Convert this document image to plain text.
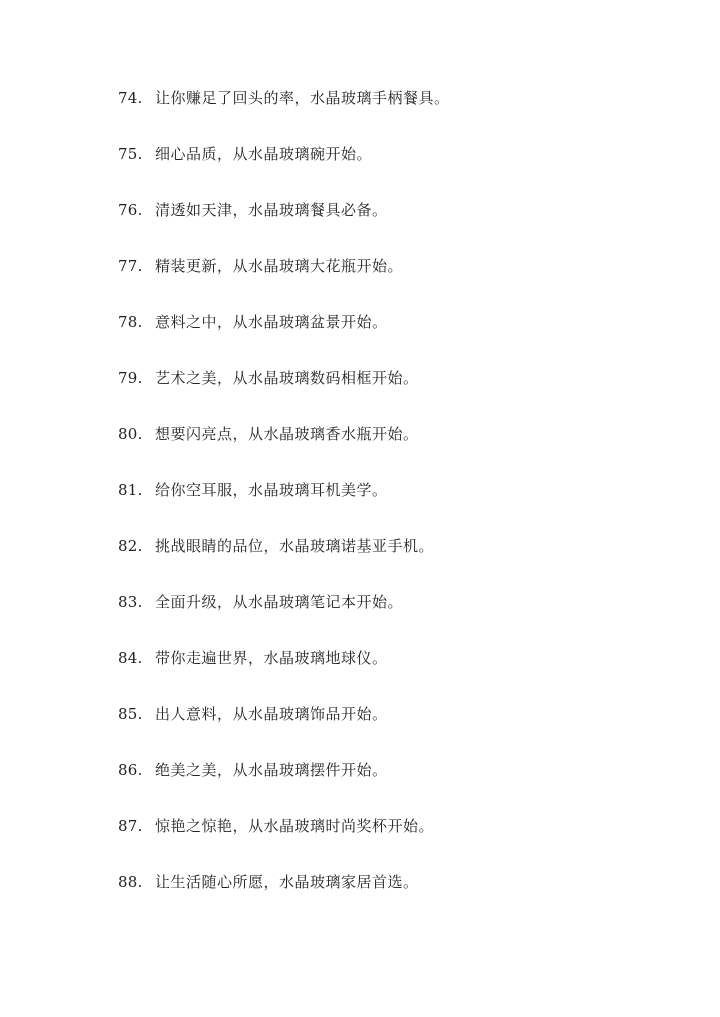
74. 让你赚足了回头的率，水晶玻璃手柄餐具。
75. 细心品质，从水晶玻璃碗开始。
76. 清透如天津，水晶玻璃餐具必备。
77. 精装更新，从水晶玻璃大花瓶开始。
78. 意料之中，从水晶玻璃盆景开始。
79. 艺术之美，从水晶玻璃数码相框开始。
80. 想要闪亮点，从水晶玻璃香水瓶开始。
81. 给你空耳服，水晶玻璃耳机美学。
82. 挑战眼睛的品位，水晶玻璃诺基亚手机。
83. 全面升级，从水晶玻璃笔记本开始。
84. 带你走遍世界，水晶玻璃地球仪。
85. 出人意料，从水晶玻璃饰品开始。
86. 绝美之美，从水晶玻璃摆件开始。
87. 惊艳之惊艳，从水晶玻璃时尚奖杯开始。
88. 让生活随心所愿，水晶玻璃家居首选。
